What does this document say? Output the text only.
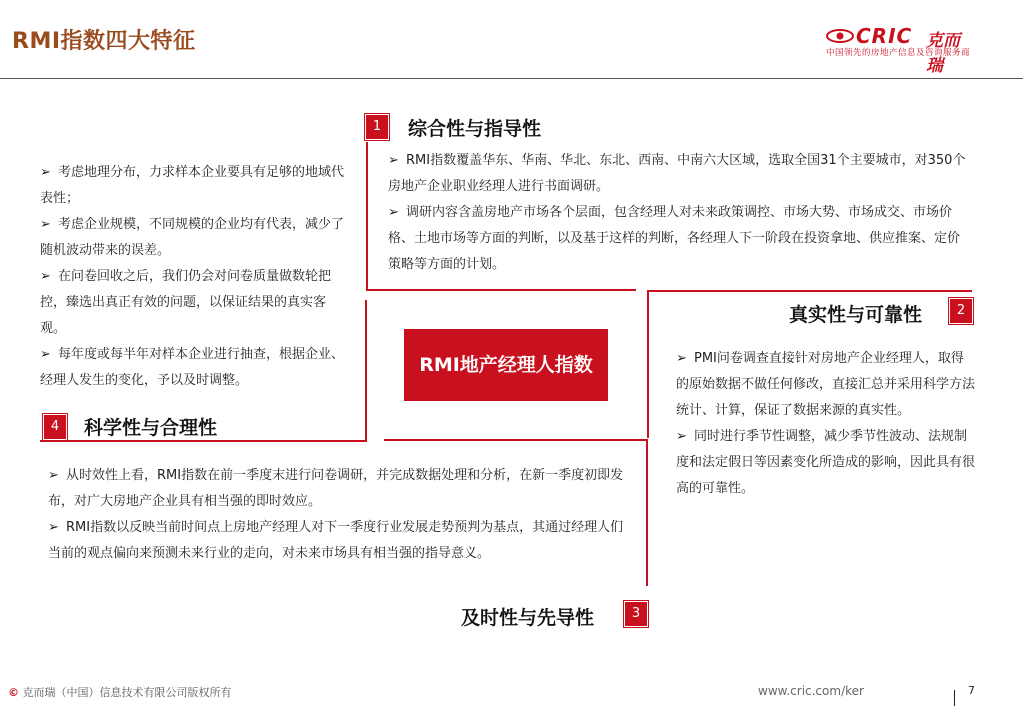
RMI指数四大特征	CRIC 克而瑞
中国领先的房地产信息及咨询服务商
1	综合性与指导性

➢ RMI指数覆盖华东、华南、华北、东北、西南、中南六大区域，选取全国31个主要城市，对350个房地产企业职业经理人进行书面调研。

➢ 调研内容含盖房地产市场各个层面，包含经理人对未来政策调控、市场大势、市场成交、市场价格、土地市场等方面的判断，以及基于这样的判断，各经理人下一阶段在投资拿地、供应推案、定价策略等方面的计划。

➢ 考虑地理分布，力求样本企业要具有足够的地域代表性；

➢ 考虑企业规模，不同规模的企业均有代表，减少了随机波动带来的误差。

➢ 在问卷回收之后，我们仍会对问卷质量做数轮把控，臻选出真正有效的问题，以保证结果的真实客观。

➢ 每年度或每半年对样本企业进行抽查，根据企业、经理人发生的变化，予以及时调整。

4	科学性与合理性
RMI地产经理人指数
真实性与可靠性	2

➢ PMI问卷调查直接针对房地产企业经理人，取得的原始数据不做任何修改，直接汇总并采用科学方法统计、计算，保证了数据来源的真实性。

➢ 同时进行季节性调整，减少季节性波动、法规制度和法定假日等因素变化所造成的影响，因此具有很高的可靠性。

➢ 从时效性上看，RMI指数在前一季度末进行问卷调研，并完成数据处理和分析，在新一季度初即发布，对广大房地产企业具有相当强的即时效应。

➢ RMI指数以反映当前时间点上房地产经理人对下一季度行业发展走势预判为基点，其通过经理人们当前的观点偏向来预测未来行业的走向，对未来市场具有相当强的指导意义。

及时性与先导性	3
© 克而瑞（中国）信息技术有限公司版权所有	www.cric.com/ker	7
